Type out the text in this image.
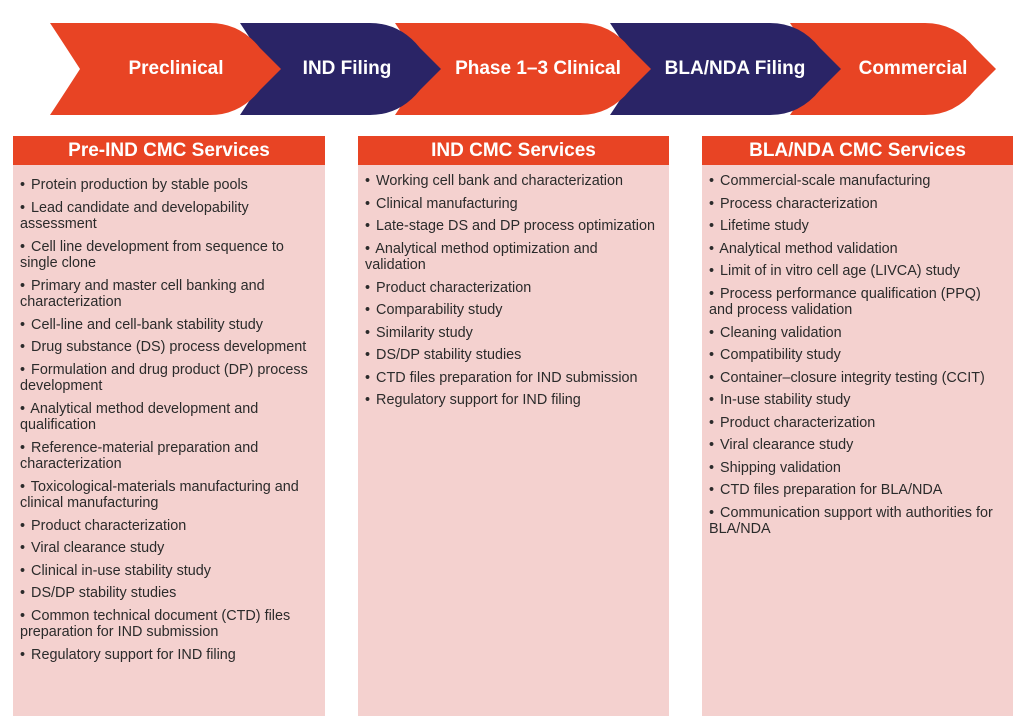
Preclinical	IND Filing	Phase 1–3 Clinical	BLA/NDA Filing	Commercial
Pre-IND CMC Services
• Protein production by stable pools
• Lead candidate and developability assessment
• Cell line development from sequence to single clone
• Primary and master cell banking and characterization
• Cell-line and cell-bank stability study
• Drug substance (DS) process development
• Formulation and drug product (DP) process development
• Analytical method development and qualification
• Reference-material preparation and characterization
• Toxicological-materials manufacturing and clinical manufacturing
• Product characterization
• Viral clearance study
• Clinical in-use stability study
• DS/DP stability studies
• Common technical document (CTD) files preparation for IND submission
• Regulatory support for IND filing
IND CMC Services
• Working cell bank and characterization
• Clinical manufacturing
• Late-stage DS and DP process optimization
• Analytical method optimization and validation
• Product characterization
• Comparability study
• Similarity study
• DS/DP stability studies
• CTD files preparation for IND submission
• Regulatory support for IND filing
BLA/NDA CMC Services
• Commercial-scale manufacturing
• Process characterization
• Lifetime study
• Analytical method validation
• Limit of in vitro cell age (LIVCA) study
• Process performance qualification (PPQ) and process validation
• Cleaning validation
• Compatibility study
• Container–closure integrity testing (CCIT)
• In-use stability study
• Product characterization
• Viral clearance study
• Shipping validation
• CTD files preparation for BLA/NDA
• Communication support with authorities for BLA/NDA
